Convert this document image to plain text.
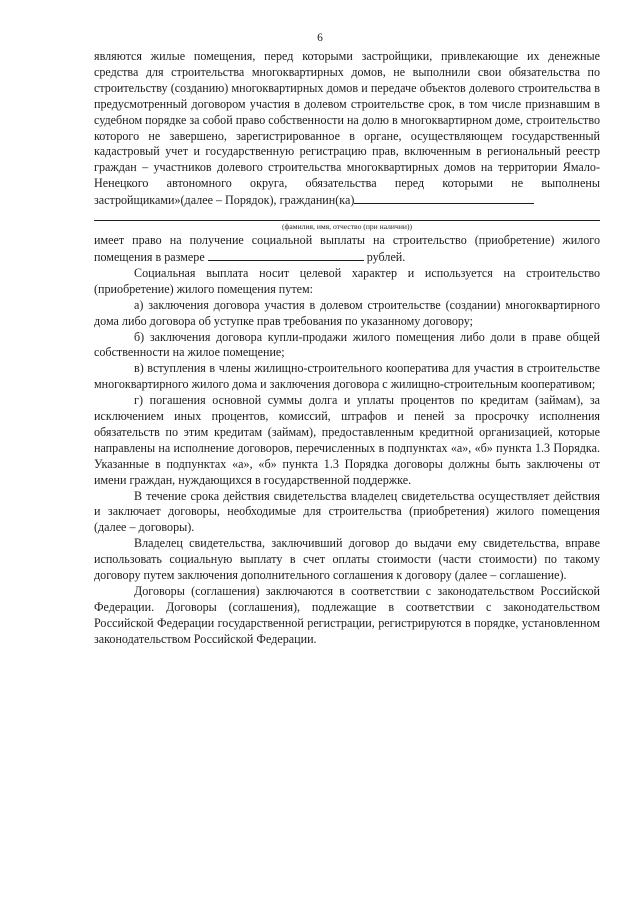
6

являются жилые помещения, перед которыми застройщики, привлекающие их денежные средства для строительства многоквартирных домов, не выполнили свои обязательства по строительству (созданию) многоквартирных домов и передаче объектов долевого строительства в предусмотренный договором участия в долевом строительстве срок, в том числе признавшим в судебном порядке за собой право собственности на долю в многоквартирном доме, строительство которого не завершено, зарегистрированное в органе, осуществляющем государственный кадастровый учет и государственную регистрацию прав, включенным в региональный реестр граждан – участников долевого строительства многоквартирных домов на территории Ямало-Ненецкого автономного округа, обязательства перед которыми не выполнены застройщиками»(далее – Порядок), гражданин(ка)

(фамилия, имя, отчество (при наличии))

имеет право на получение социальной выплаты на строительство (приобретение) жилого помещения в размере	рублей.

Социальная выплата носит целевой характер и используется на строительство (приобретение) жилого помещения путем:

а) заключения договора участия в долевом строительстве (создании) многоквартирного дома либо договора об уступке прав требования по указанному договору;

б) заключения договора купли-продажи жилого помещения либо доли в праве общей собственности на жилое помещение;

в) вступления в члены жилищно-строительного кооператива для участия в строительстве многоквартирного жилого дома и заключения договора с жилищно-строительным кооперативом;

г) погашения основной суммы долга и уплаты процентов по кредитам (займам), за исключением иных процентов, комиссий, штрафов и пеней за просрочку исполнения обязательств по этим кредитам (займам), предоставленным кредитной организацией, которые направлены на исполнение договоров, перечисленных в подпунктах «а», «б» пункта 1.3 Порядка. Указанные в подпунктах «а», «б» пункта 1.3 Порядка договоры должны быть заключены от имени граждан, нуждающихся в государственной поддержке.

В течение срока действия свидетельства владелец свидетельства осуществляет действия и заключает договоры, необходимые для строительства (приобретения) жилого помещения (далее – договоры).

Владелец свидетельства, заключивший договор до выдачи ему свидетельства, вправе использовать социальную выплату в счет оплаты стоимости (части стоимости) по такому договору путем заключения дополнительного соглашения к договору (далее – соглашение).

Договоры (соглашения) заключаются в соответствии с законодательством Российской Федерации. Договоры (соглашения), подлежащие в соответствии с законодательством Российской Федерации государственной регистрации, регистрируются в порядке, установленном законодательством Российской Федерации.
